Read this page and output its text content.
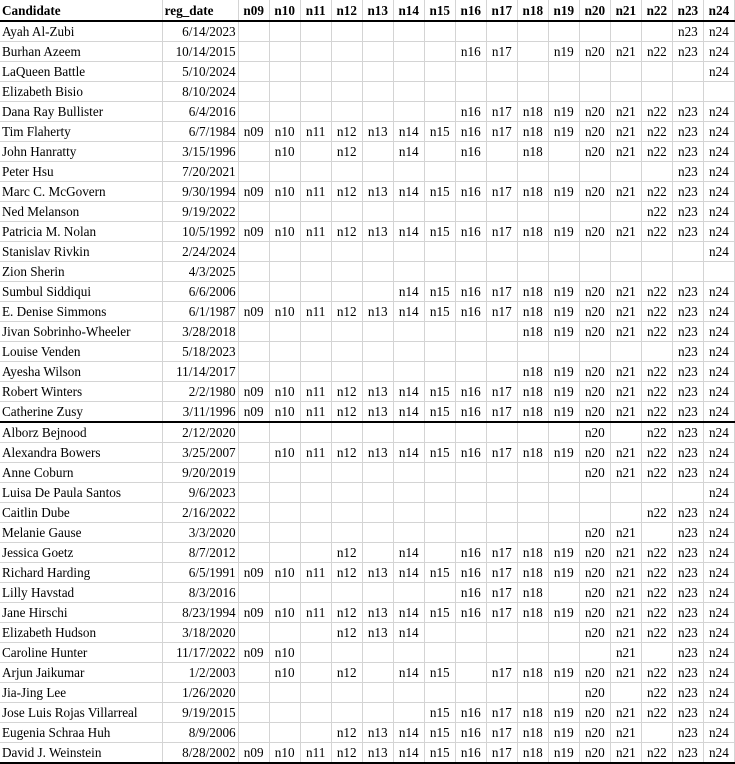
Candidate	reg_date	n09	n10	n11	n12	n13	n14	n15	n16	n17	n18	n19	n20	n21	n22	n23	n24
Ayah Al-Zubi	6/14/2023															n23	n24
Burhan Azeem	10/14/2015								n16	n17		n19	n20	n21	n22	n23	n24
LaQueen Battle	5/10/2024																n24
Elizabeth Bisio	8/10/2024																
Dana Ray Bullister	6/4/2016								n16	n17	n18	n19	n20	n21	n22	n23	n24
Tim Flaherty	6/7/1984	n09	n10	n11	n12	n13	n14	n15	n16	n17	n18	n19	n20	n21	n22	n23	n24
John Hanratty	3/15/1996		n10		n12		n14		n16		n18		n20	n21	n22	n23	n24
Peter Hsu	7/20/2021															n23	n24
Marc C. McGovern	9/30/1994	n09	n10	n11	n12	n13	n14	n15	n16	n17	n18	n19	n20	n21	n22	n23	n24
Ned Melanson	9/19/2022														n22	n23	n24
Patricia M. Nolan	10/5/1992	n09	n10	n11	n12	n13	n14	n15	n16	n17	n18	n19	n20	n21	n22	n23	n24
Stanislav Rivkin	2/24/2024																n24
Zion Sherin	4/3/2025																
Sumbul Siddiqui	6/6/2006						n14	n15	n16	n17	n18	n19	n20	n21	n22	n23	n24
E. Denise Simmons	6/1/1987	n09	n10	n11	n12	n13	n14	n15	n16	n17	n18	n19	n20	n21	n22	n23	n24
Jivan Sobrinho-Wheeler	3/28/2018										n18	n19	n20	n21	n22	n23	n24
Louise Venden	5/18/2023															n23	n24
Ayesha Wilson	11/14/2017										n18	n19	n20	n21	n22	n23	n24
Robert Winters	2/2/1980	n09	n10	n11	n12	n13	n14	n15	n16	n17	n18	n19	n20	n21	n22	n23	n24
Catherine Zusy	3/11/1996	n09	n10	n11	n12	n13	n14	n15	n16	n17	n18	n19	n20	n21	n22	n23	n24
Alborz Bejnood	2/12/2020												n20		n22	n23	n24
Alexandra Bowers	3/25/2007		n10	n11	n12	n13	n14	n15	n16	n17	n18	n19	n20	n21	n22	n23	n24
Anne Coburn	9/20/2019												n20	n21	n22	n23	n24
Luisa De Paula Santos	9/6/2023																n24
Caitlin Dube	2/16/2022														n22	n23	n24
Melanie Gause	3/3/2020												n20	n21		n23	n24
Jessica Goetz	8/7/2012				n12		n14		n16	n17	n18	n19	n20	n21	n22	n23	n24
Richard Harding	6/5/1991	n09	n10	n11	n12	n13	n14	n15	n16	n17	n18	n19	n20	n21	n22	n23	n24
Lilly Havstad	8/3/2016								n16	n17	n18		n20	n21	n22	n23	n24
Jane Hirschi	8/23/1994	n09	n10	n11	n12	n13	n14	n15	n16	n17	n18	n19	n20	n21	n22	n23	n24
Elizabeth Hudson	3/18/2020				n12	n13	n14						n20	n21	n22	n23	n24
Caroline Hunter	11/17/2022	n09	n10											n21		n23	n24
Arjun Jaikumar	1/2/2003		n10		n12		n14	n15		n17	n18	n19	n20	n21	n22	n23	n24
Jia-Jing Lee	1/26/2020												n20		n22	n23	n24
Jose Luis Rojas Villarreal	9/19/2015							n15	n16	n17	n18	n19	n20	n21	n22	n23	n24
Eugenia Schraa Huh	8/9/2006				n12	n13	n14	n15	n16	n17	n18	n19	n20	n21		n23	n24
David J. Weinstein	8/28/2002	n09	n10	n11	n12	n13	n14	n15	n16	n17	n18	n19	n20	n21	n22	n23	n24
